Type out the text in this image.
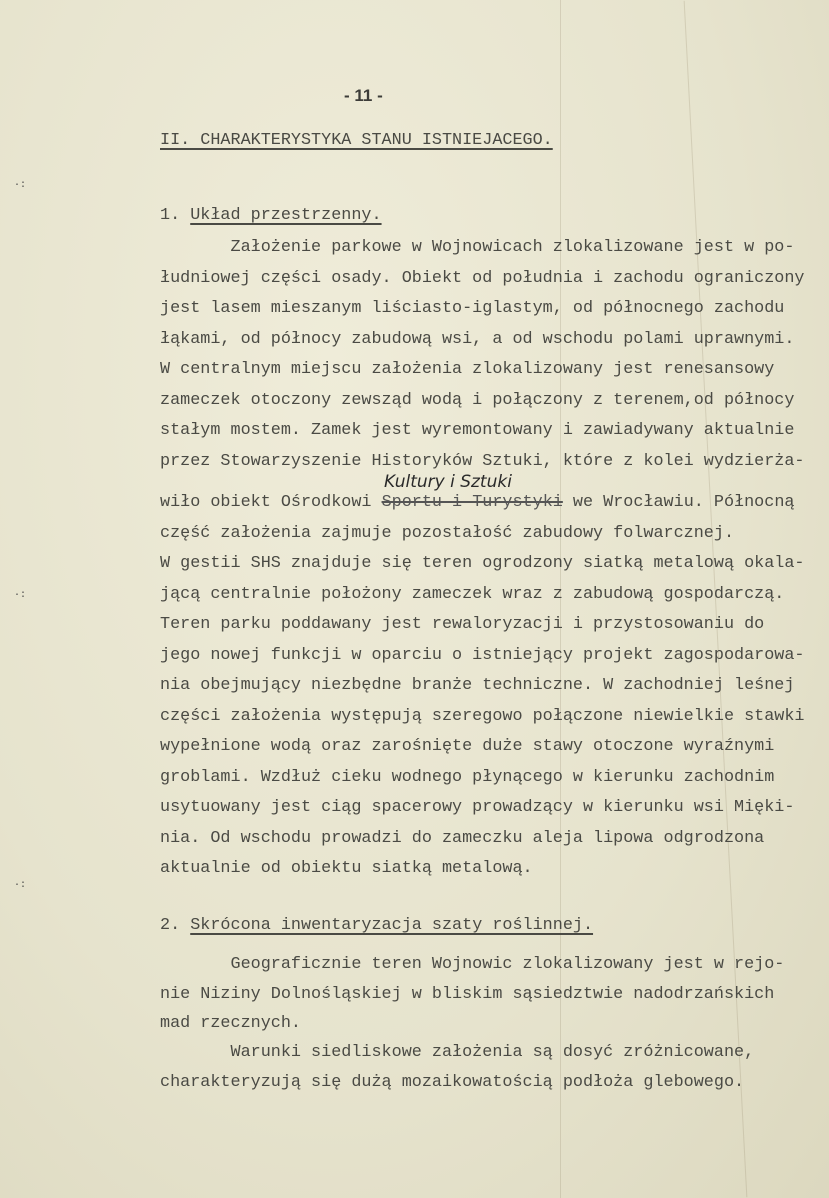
·:
·:
·:
- 11 -
II. CHARAKTERYSTYKA STANU ISTNIEJACEGO.
1. Układ przestrzenny.
Założenie parkowe w Wojnowicach zlokalizowane jest w po-
łudniowej części osady. Obiekt od południa i zachodu ograniczony
jest lasem mieszanym liściasto-iglastym, od północnego zachodu
łąkami, od północy zabudową wsi, a od wschodu polami uprawnymi.
W centralnym miejscu założenia zlokalizowany jest renesansowy
zameczek otoczony zewsząd wodą i połączony z terenem,od północy
stałym mostem. Zamek jest wyremontowany i zawiadywany aktualnie
przez Stowarzyszenie Historyków Sztuki, które z kolei wydzierża-
wiło obiekt Ośrodkowi Sportu i Turystyki we Wrocławiu. Północną
część założenia zajmuje pozostałość zabudowy folwarcznej.
W gestii SHS znajduje się teren ogrodzony siatką metalową okala-
jącą centralnie położony zameczek wraz z zabudową gospodarczą.
Teren parku poddawany jest rewaloryzacji i przystosowaniu do
jego nowej funkcji w oparciu o istniejący projekt zagospodarowa-
nia obejmujący niezbędne branże techniczne. W zachodniej leśnej
części założenia występują szeregowo połączone niewielkie stawki
wypełnione wodą oraz zarośnięte duże stawy otoczone wyraźnymi
groblami. Wzdłuż cieku wodnego płynącego w kierunku zachodnim
usytuowany jest ciąg spacerowy prowadzący w kierunku wsi Mięki-
nia. Od wschodu prowadzi do zameczku aleja lipowa odgrodzona
aktualnie od obiektu siatką metalową.
Kultury i Sztuki
2. Skrócona inwentaryzacja szaty roślinnej.
Geograficznie teren Wojnowic zlokalizowany jest w rejo-
nie Niziny Dolnośląskiej w bliskim sąsiedztwie nadodrzańskich
mad rzecznych.
Warunki siedliskowe założenia są dosyć zróżnicowane,
charakteryzują się dużą mozaikowatością podłoża glebowego.
